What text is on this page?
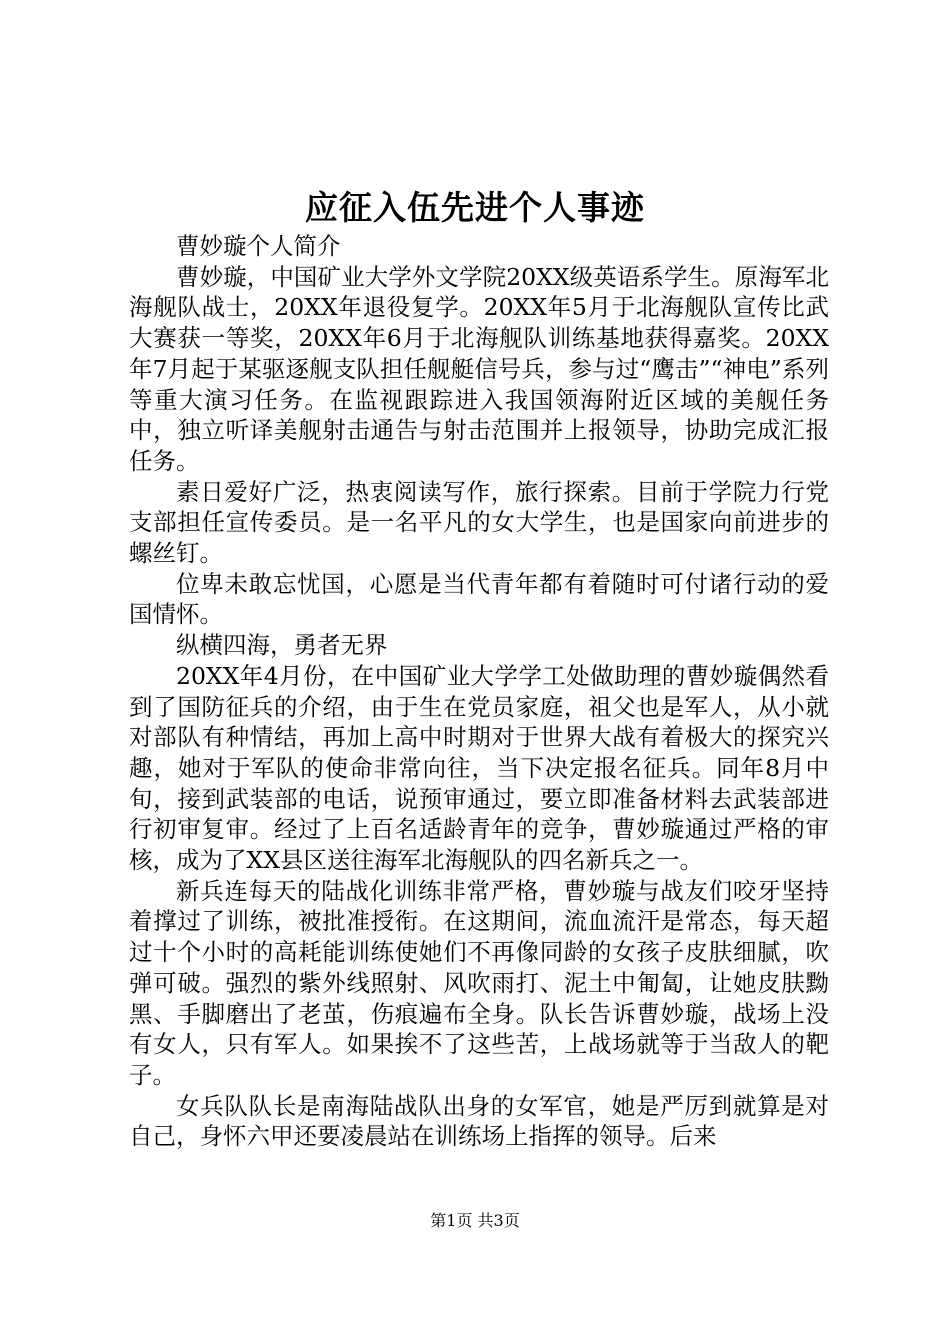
应征入伍先进个人事迹

曹妙璇个人简介

曹妙璇，中国矿业大学外文学院20XX级英语系学生。原海军北海舰队战士，20XX年退役复学。20XX年5月于北海舰队宣传比武大赛获一等奖，20XX年6月于北海舰队训练基地获得嘉奖。20XX年7月起于某驱逐舰支队担任舰艇信号兵，参与过“鹰击”“神电”系列等重大演习任务。在监视跟踪进入我国领海附近区域的美舰任务中，独立听译美舰射击通告与射击范围并上报领导，协助完成汇报任务。

素日爱好广泛，热衷阅读写作，旅行探索。目前于学院力行党支部担任宣传委员。是一名平凡的女大学生，也是国家向前进步的螺丝钉。

位卑未敢忘忧国，心愿是当代青年都有着随时可付诸行动的爱国情怀。

纵横四海，勇者无界

20XX年4月份，在中国矿业大学学工处做助理的曹妙璇偶然看到了国防征兵的介绍，由于生在党员家庭，祖父也是军人，从小就对部队有种情结，再加上高中时期对于世界大战有着极大的探究兴趣，她对于军队的使命非常向往，当下决定报名征兵。同年8月中旬，接到武装部的电话，说预审通过，要立即准备材料去武装部进行初审复审。经过了上百名适龄青年的竞争，曹妙璇通过严格的审核，成为了XX县区送往海军北海舰队的四名新兵之一。

新兵连每天的陆战化训练非常严格，曹妙璇与战友们咬牙坚持着撑过了训练，被批准授衔。在这期间，流血流汗是常态，每天超过十个小时的高耗能训练使她们不再像同龄的女孩子皮肤细腻，吹弹可破。强烈的紫外线照射、风吹雨打、泥土中匍匐，让她皮肤黝黑、手脚磨出了老茧，伤痕遍布全身。队长告诉曹妙璇，战场上没有女人，只有军人。如果挨不了这些苦，上战场就等于当敌人的靶子。

女兵队队长是南海陆战队出身的女军官，她是严厉到就算是对自己，身怀六甲还要凌晨站在训练场上指挥的领导。后来

第1页 共3页
